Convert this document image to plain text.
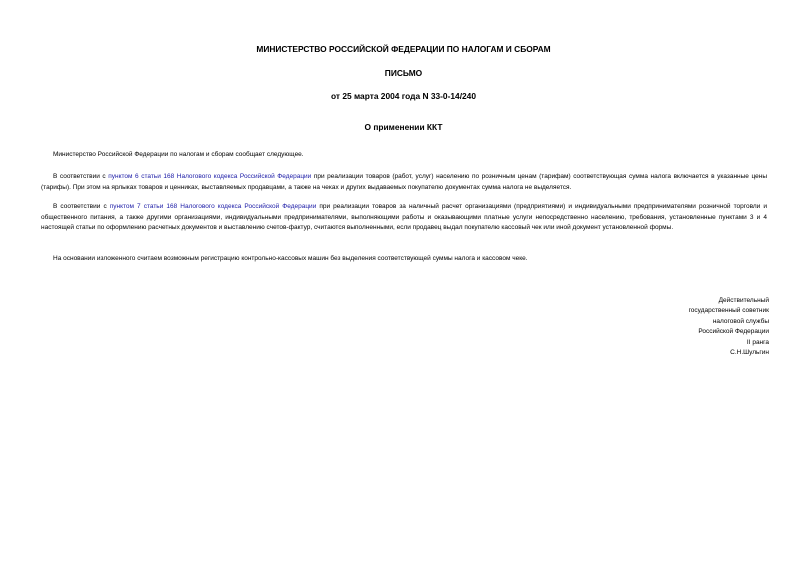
МИНИСТЕРСТВО РОССИЙСКОЙ ФЕДЕРАЦИИ ПО НАЛОГАМ И СБОРАМ
ПИСЬМО
от 25 марта 2004 года N 33-0-14/240
О применении ККТ
Министерство Российской Федерации по налогам и сборам сообщает следующее.
В соответствии с пунктом 6 статьи 168 Налогового кодекса Российской Федерации при реализации товаров (работ, услуг) населению по розничным ценам (тарифам) соответствующая сумма налога включается в указанные цены (тарифы). При этом на ярлыках товаров и ценниках, выставляемых продавцами, а также на чеках и других выдаваемых покупателю документах сумма налога не выделяется.
В соответствии с пунктом 7 статьи 168 Налогового кодекса Российской Федерации при реализации товаров за наличный расчет организациями (предприятиями) и индивидуальными предпринимателями розничной торговли и общественного питания, а также другими организациями, индивидуальными предпринимателями, выполняющими работы и оказывающими платные услуги непосредственно населению, требования, установленные пунктами 3 и 4 настоящей статьи по оформлению расчетных документов и выставлению счетов-фактур, считаются выполненными, если продавец выдал покупателю кассовый чек или иной документ установленной формы.
На основании изложенного считаем возможным регистрацию контрольно-кассовых машин без выделения соответствующей суммы налога и кассовом чеке.
Действительный
государственный советник
налоговой службы
Российской Федерации
II ранга
С.Н.Шульгин
